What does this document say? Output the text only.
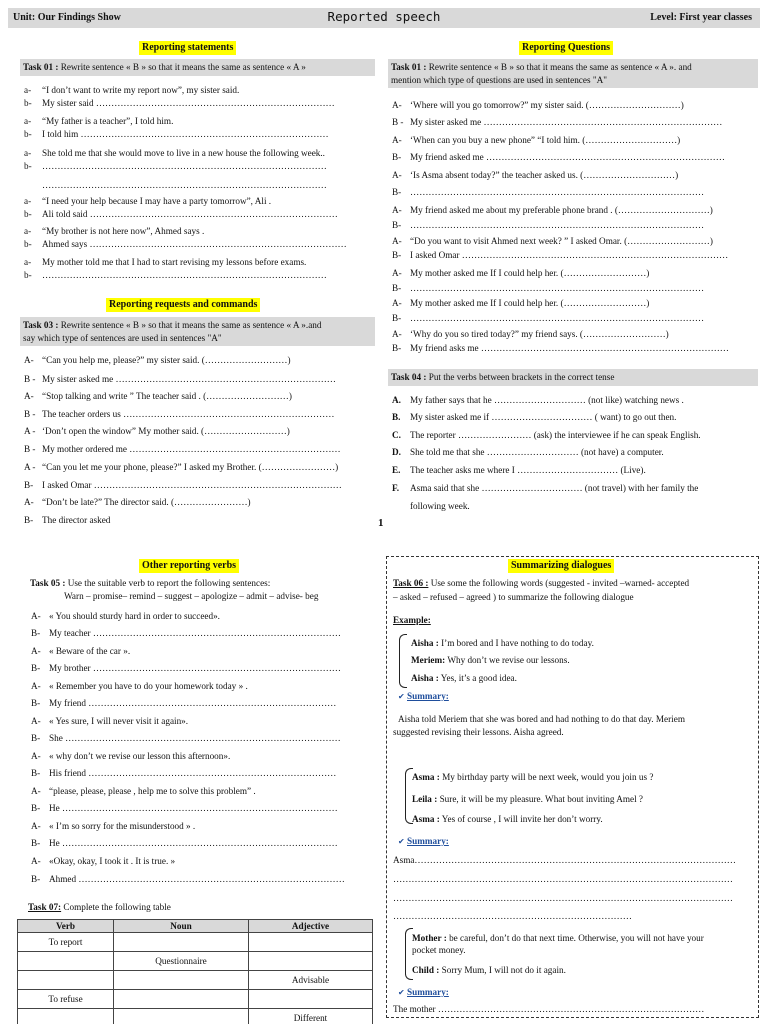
Unit: Our Findings Show	Reported speech	Level: First year classes
Reporting statements
Task 01 : Rewrite sentence « B » so that it means the same as sentence « A »
a- “I don’t want to write my report now”, my sister said.
b- My sister said ……………………………………………………………………
a- “My father is a teacher”, I told him.
b- I told him ………………………………………………………………………
a- She told me that she would move to live in a new house the following week..
b- …………………………………………………………………………………
…………………………………………………………………………………
a- “I need your help because I may have a party tomorrow”, Ali .
b- Ali told said ………………………………………………………………………
a- “My brother is not here now”, Ahmed says .
b- Ahmed says …………………………………………………………………………
a- My mother told me that I had to start revising my lessons before exams.
b- …………………………………………………………………………………
Reporting requests and commands
Task 03 : Rewrite sentence « B » so that it means the same as sentence « A ».and
say which type of sentences are used in sentences "A"
A- “Can you help me, please?” my sister said. (………………………)
B - My sister asked me ………………………………………………………………
A- “Stop talking and write ” The teacher said . (………………………)
B - The teacher orders us ……………………………………………………………
A - ‘Don’t open the window” My mother said. (………………………)
B - My mother ordered me ……………………………………………………………
A - “Can you let me your phone, please?” I asked my Brother. (……………………)
B- I asked Omar ………………………………………………………………………
A- “Don’t be late?” The director said. (……………………)
B- The director asked
Reporting Questions
Task 01 : Rewrite sentence « B » so that it means the same as sentence « A ». and
mention which type of questions are used in sentences "A"
A- ‘Where will you go tomorrow?” my sister said. (…………………………)
B - My sister asked me ……………………………………………………………………
A- ‘When can you buy a new phone” “I told him. (…………………………)
B- My friend asked me ……………………………………………………………………
A- ‘Is Asma absent today?” the teacher asked us. (…………………………)
B- ……………………………………………………………………………………
A- My friend asked me about my preferable phone brand . (…………………………)
B- ……………………………………………………………………………………
A- “Do you want to visit Ahmed next week? ” I asked Omar. (………………………)
B- I asked Omar ……………………………………………………………………………
A- My mother asked me If I could help her. (………………………)
B- ……………………………………………………………………………………
A- My mother asked me If I could help her. (………………………)
B- ……………………………………………………………………………………
A- ‘Why do you so tired today?” my friend says. (………………………)
B- My friend asks me ………………………………………………………………………
Task 04 : Put the verbs between brackets in the correct tense
A. My father says that he ………………………… (not like) watching news .
B. My sister asked me if …………………………… ( want) to go out then.
C. The reporter …………………… (ask) the interviewee if he can speak English.
D. She told me that she ………………………… (not have) a computer.
E. The teacher asks me where I …………………………… (Live).
F. Asma said that she …………………………… (not travel) with her family the
following week.
1
Other reporting verbs
Task 05 : Use the suitable verb to report the following sentences:
Warn – promise– remind – suggest – apologize – admit – advise- beg
A- « You should sturdy hard in order to succeed».
B- My teacher ………………………………………………………………………
A- « Beware of the car ».
B- My brother ………………………………………………………………………
A- « Remember you have to do your homework today » .
B- My friend ………………………………………………………………………
A- « Yes sure, I will never visit it again».
B- She ………………………………………………………………………………
A- « why don’t we revise our lesson this afternoon».
B- His friend ………………………………………………………………………
A- “please, please, please , help me to solve this problem” .
B- He ………………………………………………………………………………
A- « I’m so sorry for the misunderstood » .
B- He ………………………………………………………………………………
A- «Okay, okay, I took it . It is true. »
B- Ahmed ……………………………………………………………………………
Task 07: Complete the following table
Verb	Noun	Adjective
To report		
	Questionnaire	
		Advisable
To refuse		
		Different
Summarizing dialogues
Task 06 : Use some the following words (suggested - invited –warned- accepted
– asked – refused – agreed ) to summarize the following dialogue
Example:
Aisha : I’m bored and I have nothing to do today.
Meriem: Why don’t we revise our lessons.
Aisha : Yes, it’s a good idea.
✔ Summary:
Aisha told Meriem that she was bored and had nothing to do that day. Meriem
suggested revising their lessons. Aisha agreed.
Asma : My birthday party will be next week, would you join us ?
Leila : Sure, it will be my pleasure. What bout inviting Amel ?
Asma : Yes of course , I will invite her don’t worry.
✔ Summary:
Asma……………………………………………………………………………………………
…………………………………………………………………………………………………
…………………………………………………………………………………………………
……………………………………………………………………
Mother : be careful, don’t do that next time. Otherwise, you will not have your
pocket money.
Child : Sorry Mum, I will not do it again.
✔ Summary:
The mother ……………………………………………………………………………
